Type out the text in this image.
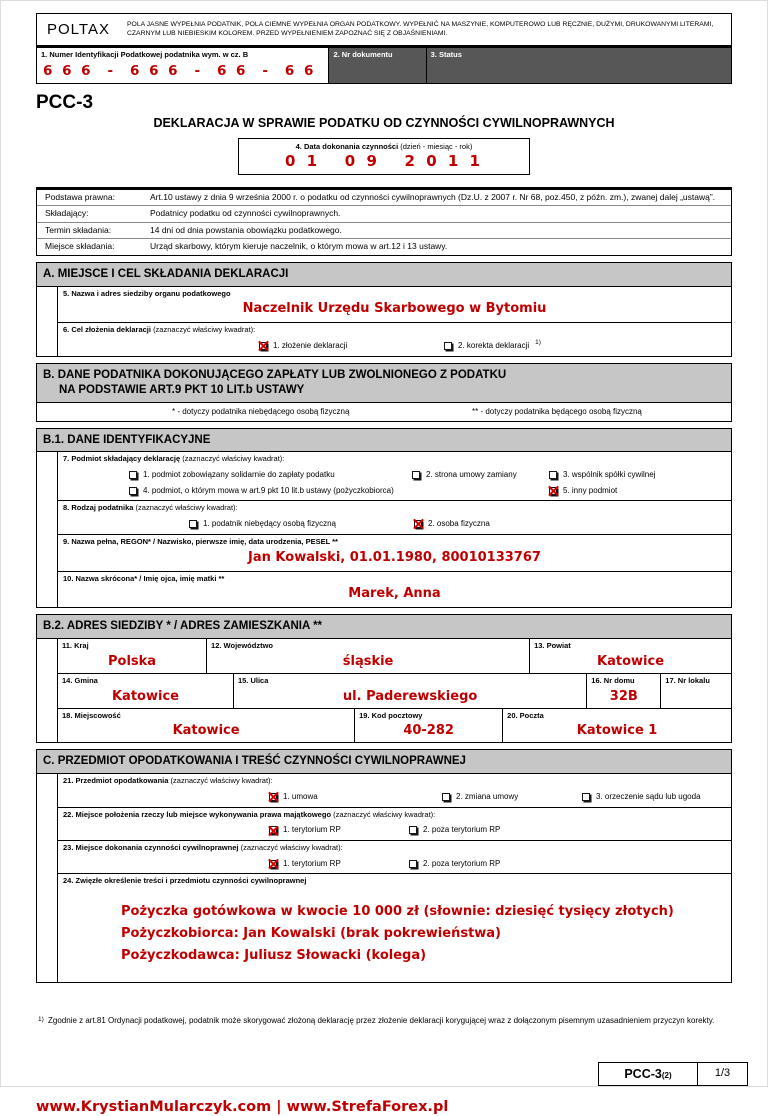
POLTAX	POLA JASNE WYPEŁNIA PODATNIK, POLA CIEMNE WYPEŁNIA ORGAN PODATKOWY. WYPEŁNIĆ NA MASZYNIE, KOMPUTEROWO LUB RĘCZNIE, DUŻYMI, DRUKOWANYMI LITERAMI, CZARNYM LUB NIEBIESKIM KOLOREM. PRZED WYPEŁNIENIEM ZAPOZNAĆ SIĘ Z OBJAŚNIENIAMI.
1. Numer Identyfikacji Podatkowej podatnika wym. w cz. B
6 6 6  -  6 6 6  -  6 6  -  6 6
2. Nr dokumentu	3. Status
PCC-3
DEKLARACJA W SPRAWIE PODATKU OD CZYNNOŚCI CYWILNOPRAWNYCH
4. Data dokonania czynności (dzień - miesiąc - rok)
0 1   0 9   2 0 1 1
Podstawa prawna:	Art.10 ustawy z dnia 9 września 2000 r. o podatku od czynności cywilnoprawnych (Dz.U. z 2007 r. Nr 68, poz.450, z późn. zm.), zwanej dalej „ustawą”.
Składający:	Podatnicy podatku od czynności cywilnoprawnych.
Termin składania:	14 dni od dnia powstania obowiązku podatkowego.
Miejsce składania:	Urząd skarbowy, którym kieruje naczelnik, o którym mowa w art.12 i 13 ustawy.
A. MIEJSCE I CEL SKŁADANIA DEKLARACJI
5. Nazwa i adres siedziby organu podatkowego
Naczelnik Urzędu Skarbowego w Bytomiu
6. Cel złożenia deklaracji (zaznaczyć właściwy kwadrat):
1. złożenie deklaracji	2. korekta deklaracji 1)
B. DANE PODATNIKA DOKONUJĄCEGO ZAPŁATY LUB ZWOLNIONEGO Z PODATKU
NA PODSTAWIE ART.9 PKT 10 LIT.b USTAWY
* - dotyczy podatnika niebędącego osobą fizyczną	** - dotyczy podatnika będącego osobą fizyczną
B.1. DANE IDENTYFIKACYJNE
7. Podmiot składający deklarację (zaznaczyć właściwy kwadrat):
1. podmiot zobowiązany solidarnie do zapłaty podatku	2. strona umowy zamiany	3. wspólnik spółki cywilnej
4. podmiot, o którym mowa w art.9 pkt 10 lit.b ustawy (pożyczkobiorca)	5. inny podmiot
8. Rodzaj podatnika (zaznaczyć właściwy kwadrat):
1. podatnik niebędący osobą fizyczną	2. osoba fizyczna
9. Nazwa pełna, REGON* / Nazwisko, pierwsze imię, data urodzenia, PESEL **
Jan Kowalski, 01.01.1980, 80010133767
10. Nazwa skrócona* / Imię ojca, imię matki **
Marek, Anna
B.2. ADRES SIEDZIBY * / ADRES ZAMIESZKANIA **
11. Kraj
Polska
12. Województwo
śląskie
13. Powiat
Katowice
14. Gmina
Katowice
15. Ulica
ul. Paderewskiego
16. Nr domu
32B
17. Nr lokalu
18. Miejscowość
Katowice
19. Kod pocztowy
40-282
20. Poczta
Katowice 1
C. PRZEDMIOT OPODATKOWANIA I TREŚĆ CZYNNOŚCI CYWILNOPRAWNEJ
21. Przedmiot opodatkowania (zaznaczyć właściwy kwadrat):
1. umowa	2. zmiana umowy	3. orzeczenie sądu lub ugoda
22. Miejsce położenia rzeczy lub miejsce wykonywania prawa majątkowego (zaznaczyć właściwy kwadrat):
1. terytorium RP	2. poza terytorium RP
23. Miejsce dokonania czynności cywilnoprawnej (zaznaczyć właściwy kwadrat):
1. terytorium RP	2. poza terytorium RP
24. Zwięzłe określenie treści i przedmiotu czynności cywilnoprawnej
Pożyczka gotówkowa w kwocie 10 000 zł (słownie: dziesięć tysięcy złotych)
Pożyczkobiorca: Jan Kowalski (brak pokrewieństwa)
Pożyczkodawca: Juliusz Słowacki (kolega)
1) Zgodnie z art.81 Ordynacji podatkowej, podatnik może skorygować złożoną deklarację przez złożenie deklaracji korygującej wraz z dołączonym pisemnym uzasadnieniem przyczyn korekty.
PCC-3 (2)	1/3
www.KrystianMularczyk.com | www.StrefaForex.pl
